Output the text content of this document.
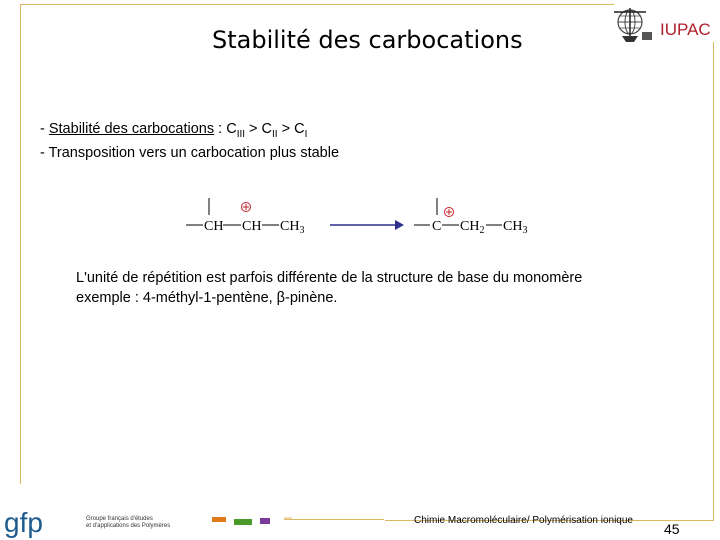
Stabilité des carbocations	IUPAC
- Stabilité des carbocations : $C_{III} > C_{II} > C_I$
- Transposition vers un carbocation plus stable
CH CH $CH_3$	C $CH_2$ $CH_3$
L'unité de répétition est parfois différente de la structure de base du monomère
exemple : 4-méthyl-1-pentène, β-pinène.
gfp	Groupe français d'études
et d'applications des Polymères	Chimie Macromoléculaire/ Polymérisation ionique
45
